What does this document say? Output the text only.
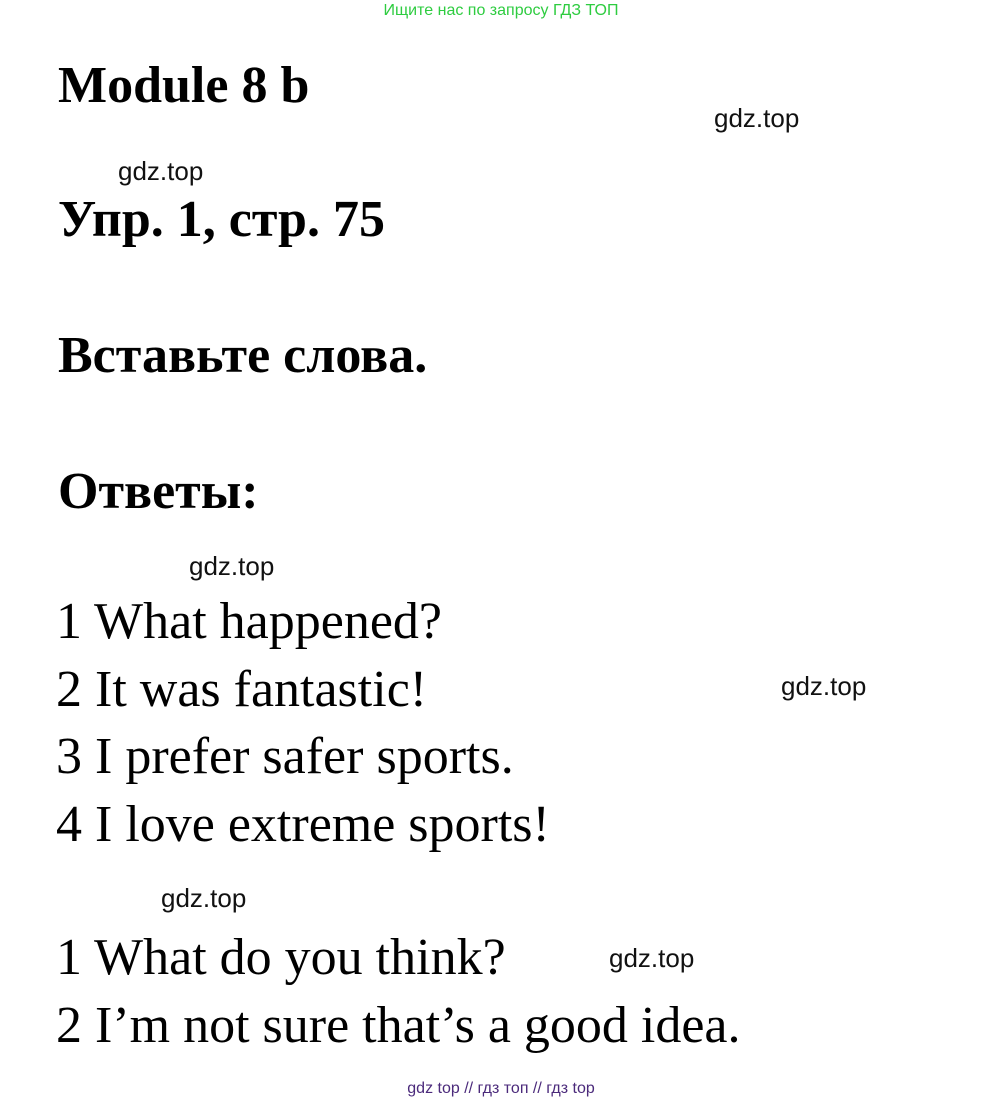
Ищите нас по запросу ГДЗ ТОП
Module 8 b
gdz.top
gdz.top
Упр. 1, стр. 75
Вставьте слова.
Ответы:
gdz.top
1 What happened?
2 It was fantastic!	gdz.top
3 I prefer safer sports.
4 I love extreme sports!
gdz.top
1 What do you think?	gdz.top
2 I’m not sure that’s a good idea.
gdz top // гдз топ // гдз top
